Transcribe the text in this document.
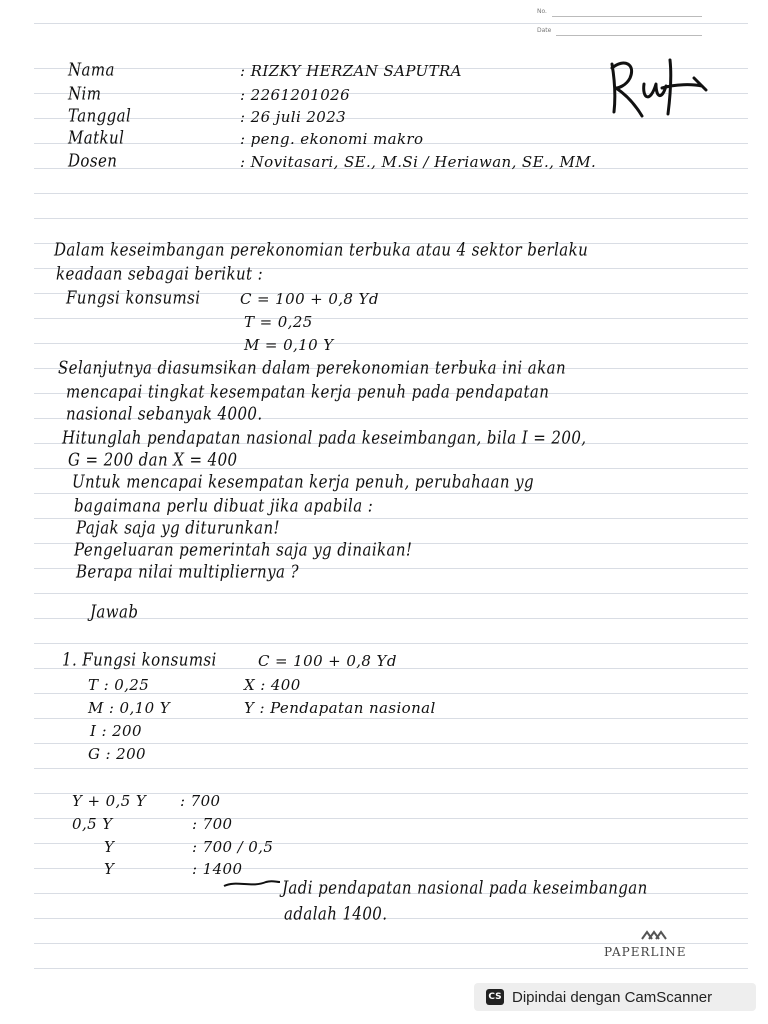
No.
Date
Nama	: RIZKY HERZAN SAPUTRA
Nim	: 2261201026
Tanggal	: 26 juli 2023
Matkul	: peng. ekonomi makro
Dosen	: Novitasari, SE., M.Si / Heriawan, SE., MM.
Dalam keseimbangan perekonomian terbuka atau 4 sektor berlaku
keadaan sebagai berikut :
Fungsi konsumsi	C = 100 + 0,8 Yd
T = 0,25
M = 0,10 Y
Selanjutnya diasumsikan dalam perekonomian terbuka ini akan
mencapai tingkat kesempatan kerja penuh pada pendapatan
nasional sebanyak 4000.
Hitunglah pendapatan nasional pada keseimbangan, bila I = 200,
G = 200 dan X = 400
Untuk mencapai kesempatan kerja penuh, perubahaan yg
bagaimana perlu dibuat jika apabila :
Pajak saja yg diturunkan!
Pengeluaran pemerintah saja yg dinaikan!
Berapa nilai multipliernya ?
Jawab
1. Fungsi konsumsi	C = 100 + 0,8 Yd
T : 0,25	X : 400
M : 0,10 Y	Y : Pendapatan nasional
I : 200
G : 200
Y + 0,5 Y : 700
0,5 Y	: 700
Y	: 700 / 0,5
Y	: 1400
Jadi pendapatan nasional pada keseimbangan
adalah 1400.
PAPERLINE
CS Dipindai dengan CamScanner
